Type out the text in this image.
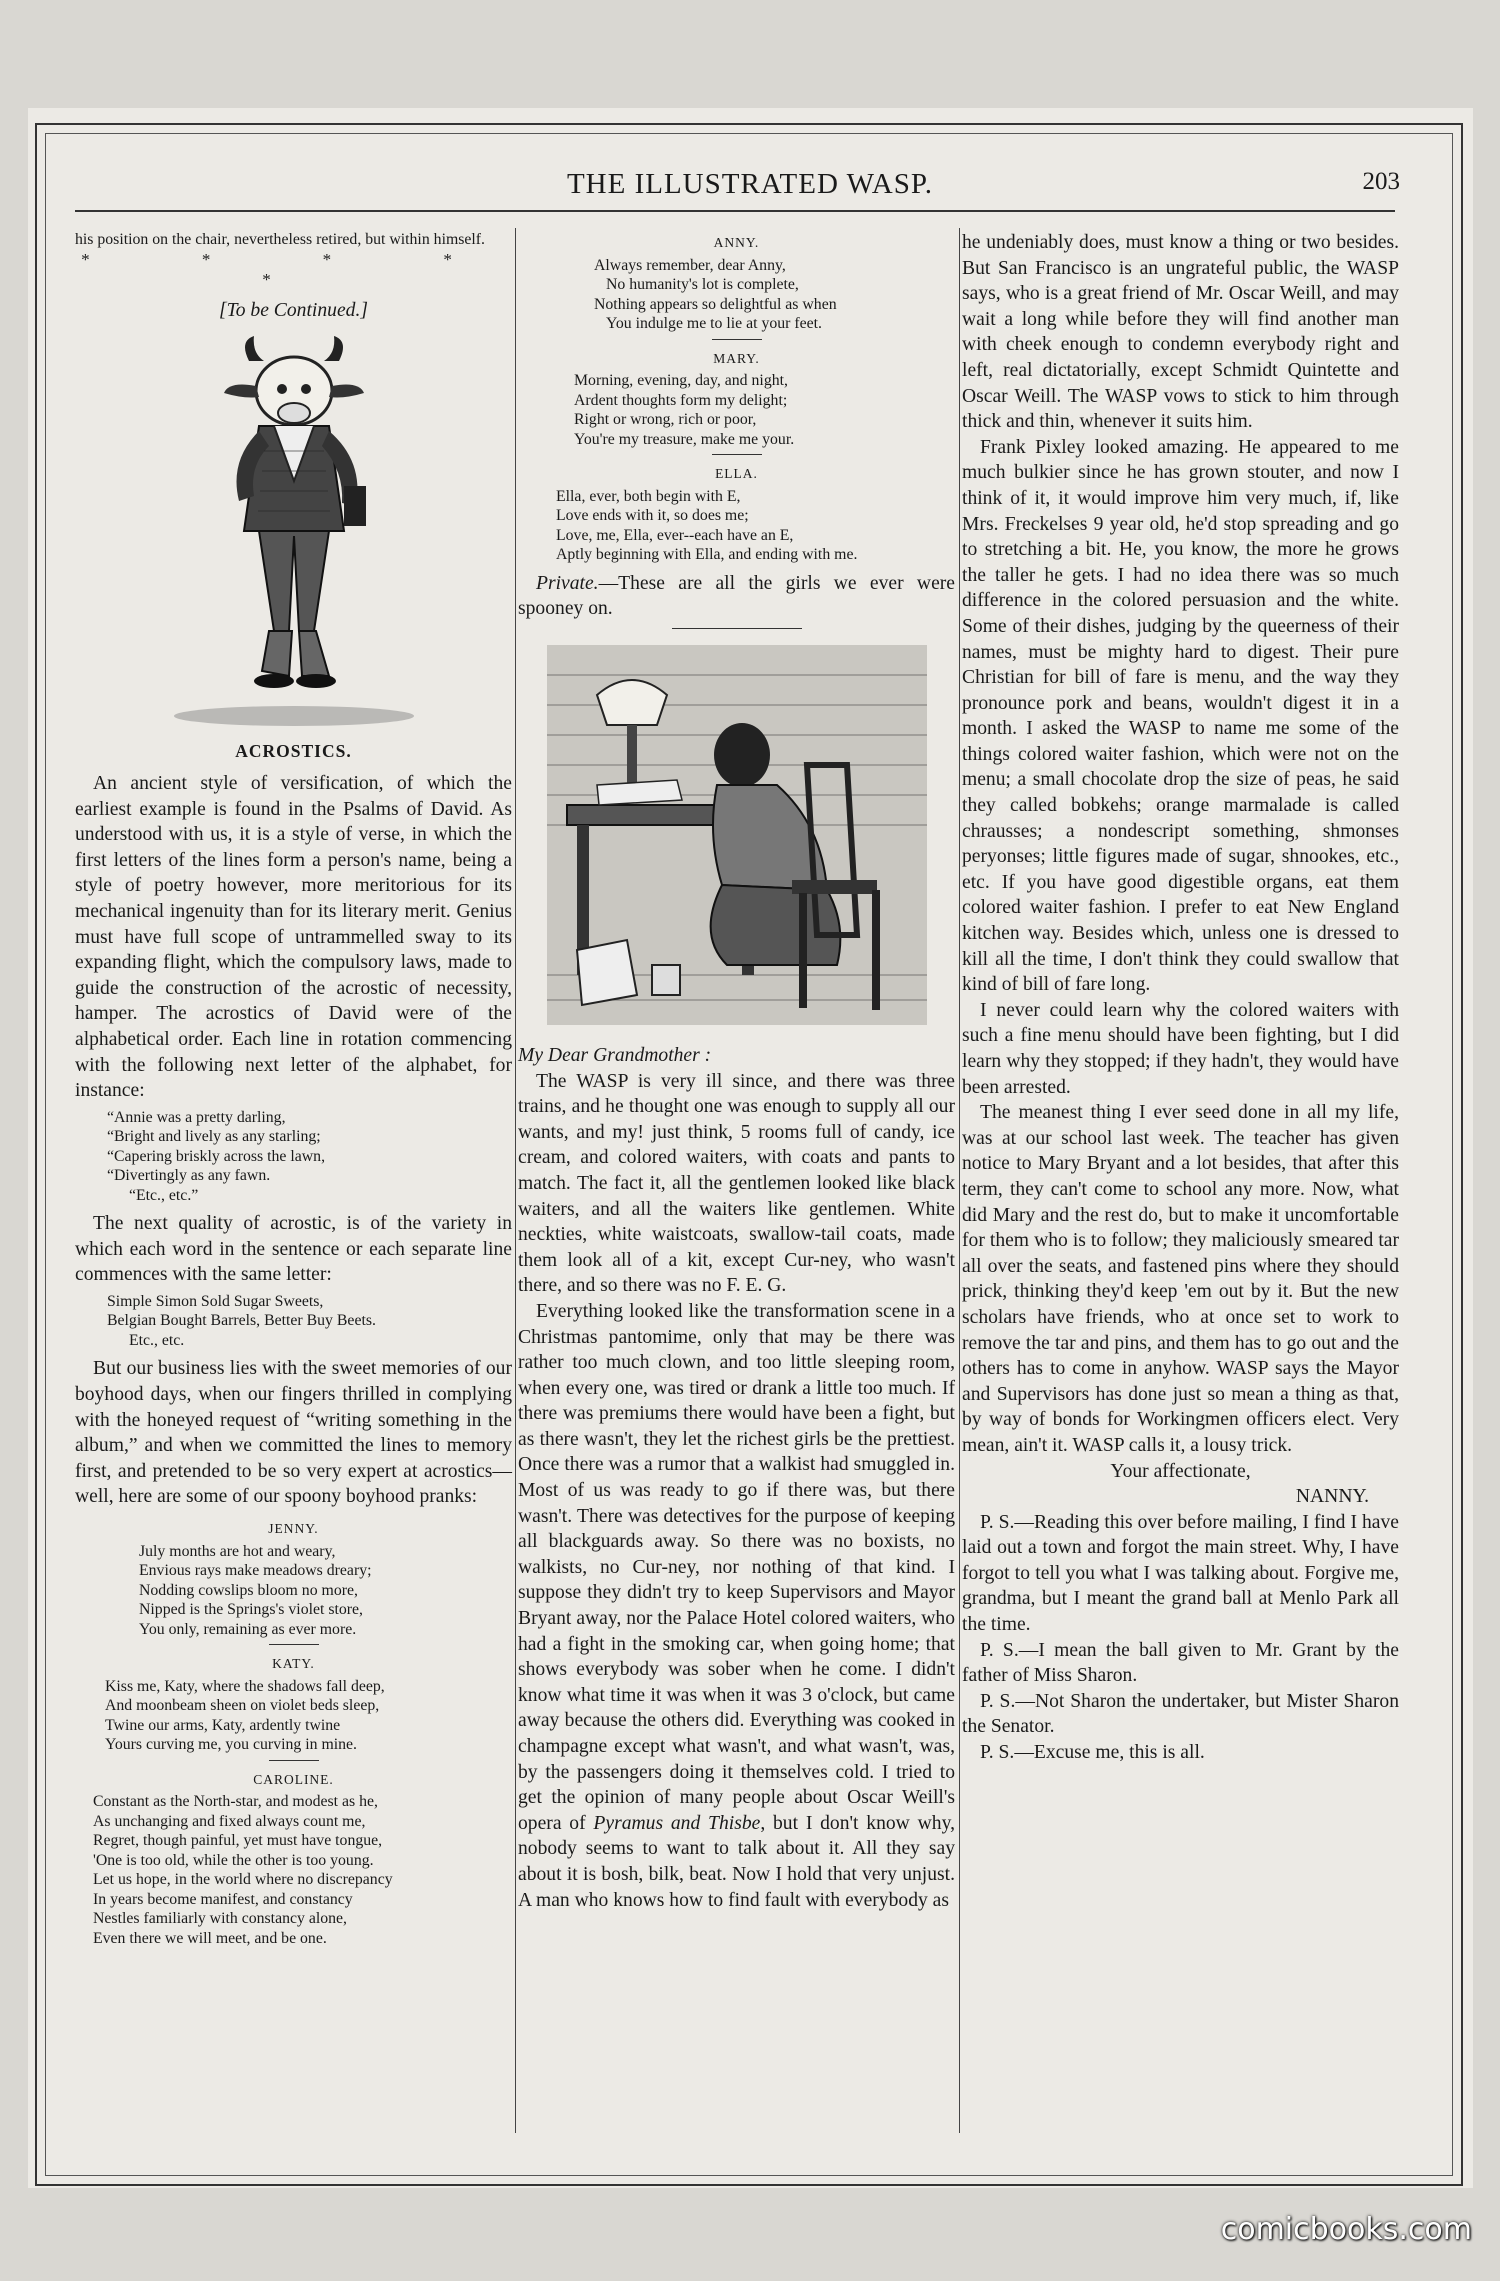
THE ILLUSTRATED WASP.	203
his position on the chair, nevertheless retired, but within himself.
* * * * *
[To be Continued.]
ACROSTICS.

An ancient style of versification, of which the earliest example is found in the Psalms of David. As understood with us, it is a style of verse, in which the first letters of the lines form a person's name, being a style of poetry however, more meritorious for its mechanical ingenuity than for its literary merit. Genius must have full scope of untrammelled sway to its expanding flight, which the compulsory laws, made to guide the construction of the acrostic of necessity, hamper. The acrostics of David were of the alphabetical order. Each line in rotation commencing with the following next letter of the alphabet, for instance:

“Annie was a pretty darling,
“Bright and lively as any starling;
“Capering briskly across the lawn,
“Divertingly as any fawn.
“Etc., etc.”

The next quality of acrostic, is of the variety in which each word in the sentence or each separate line commences with the same letter:

Simple Simon Sold Sugar Sweets,
Belgian Bought Barrels, Better Buy Beets.
Etc., etc.

But our business lies with the sweet memories of our boyhood days, when our fingers thrilled in complying with the honeyed request of “writing something in the album,” and when we committed the lines to memory first, and pretended to be so very expert at acrostics—well, here are some of our spoony boyhood pranks:

JENNY.
July months are hot and weary,
Envious rays make meadows dreary;
Nodding cowslips bloom no more,
Nipped is the Springs's violet store,
You only, remaining as ever more.
KATY.
Kiss me, Katy, where the shadows fall deep,
And moonbeam sheen on violet beds sleep,
Twine our arms, Katy, ardently twine
Yours curving me, you curving in mine.
CAROLINE.
Constant as the North-star, and modest as he,
As unchanging and fixed always count me,
Regret, though painful, yet must have tongue,
'One is too old, while the other is too young.
Let us hope, in the world where no discrepancy
In years become manifest, and constancy
Nestles familiarly with constancy alone,
Even there we will meet, and be one.
ANNY.
Always remember, dear Anny,
No humanity's lot is complete,
Nothing appears so delightful as when
You indulge me to lie at your feet.
MARY.
Morning, evening, day, and night,
Ardent thoughts form my delight;
Right or wrong, rich or poor,
You're my treasure, make me your.
ELLA.
Ella, ever, both begin with E,
Love ends with it, so does me;
Love, me, Ella, ever--each have an E,
Aptly beginning with Ella, and ending with me.

Private.—These are all the girls we ever were spooney on.

My Dear Grandmother :

The WASP is very ill since, and there was three trains, and he thought one was enough to supply all our wants, and my! just think, 5 rooms full of candy, ice cream, and colored waiters, with coats and pants to match. The fact it, all the gentlemen looked like black waiters, and all the waiters like gentlemen. White neckties, white waistcoats, swallow-tail coats, made them look all of a kit, except Cur-ney, who wasn't there, and so there was no F. E. G.

Everything looked like the transformation scene in a Christmas pantomime, only that may be there was rather too much clown, and too little sleeping room, when every one, was tired or drank a little too much. If there was premiums there would have been a fight, but as there wasn't, they let the richest girls be the prettiest. Once there was a rumor that a walkist had smuggled in. Most of us was ready to go if there was, but there wasn't. There was detectives for the purpose of keeping all blackguards away. So there was no boxists, no walkists, no Cur-ney, nor nothing of that kind. I suppose they didn't try to keep Supervisors and Mayor Bryant away, nor the Palace Hotel colored waiters, who had a fight in the smoking car, when going home; that shows everybody was sober when he come. I didn't know what time it was when it was 3 o'clock, but came away because the others did. Everything was cooked in champagne except what wasn't, and what wasn't, was, by the passengers doing it themselves cold. I tried to get the opinion of many people about Oscar Weill's opera of Pyramus and Thisbe, but I don't know why, nobody seems to want to talk about it. All they say about it is bosh, bilk, beat. Now I hold that very unjust. A man who knows how to find fault with everybody as

he undeniably does, must know a thing or two besides. But San Francisco is an ungrateful public, the WASP says, who is a great friend of Mr. Oscar Weill, and may wait a long while before they will find another man with cheek enough to condemn everybody right and left, real dictatorially, except Schmidt Quintette and Oscar Weill. The WASP vows to stick to him through thick and thin, whenever it suits him.

Frank Pixley looked amazing. He appeared to me much bulkier since he has grown stouter, and now I think of it, it would improve him very much, if, like Mrs. Freckelses 9 year old, he'd stop spreading and go to stretching a bit. He, you know, the more he grows the taller he gets. I had no idea there was so much difference in the colored persuasion and the white. Some of their dishes, judging by the queerness of their names, must be mighty hard to digest. Their pure Christian for bill of fare is menu, and the way they pronounce pork and beans, wouldn't digest it in a month. I asked the WASP to name me some of the things colored waiter fashion, which were not on the menu; a small chocolate drop the size of peas, he said they called bobkehs; orange marmalade is called chrausses; a nondescript something, shmonses peryonses; little figures made of sugar, shnookes, etc., etc. If you have good digestible organs, eat them colored waiter fashion. I prefer to eat New England kitchen way. Besides which, unless one is dressed to kill all the time, I don't think they could swallow that kind of bill of fare long.

I never could learn why the colored waiters with such a fine menu should have been fighting, but I did learn why they stopped; if they hadn't, they would have been arrested.

The meanest thing I ever seed done in all my life, was at our school last week. The teacher has given notice to Mary Bryant and a lot besides, that after this term, they can't come to school any more. Now, what did Mary and the rest do, but to make it uncomfortable for them who is to follow; they maliciously smeared tar all over the seats, and fastened pins where they should prick, thinking they'd keep 'em out by it. But the new scholars have friends, who at once set to work to remove the tar and pins, and them has to go out and the others has to come in anyhow. WASP says the Mayor and Supervisors has done just so mean a thing as that, by way of bonds for Workingmen officers elect. Very mean, ain't it. WASP calls it, a lousy trick.

Your affectionate,

NANNY.

P. S.—Reading this over before mailing, I find I have laid out a town and forgot the main street. Why, I have forgot to tell you what I was talking about. Forgive me, grandma, but I meant the grand ball at Menlo Park all the time.

P. S.—I mean the ball given to Mr. Grant by the father of Miss Sharon.

P. S.—Not Sharon the undertaker, but Mister Sharon the Senator.

P. S.—Excuse me, this is all.

comicbooks.com
